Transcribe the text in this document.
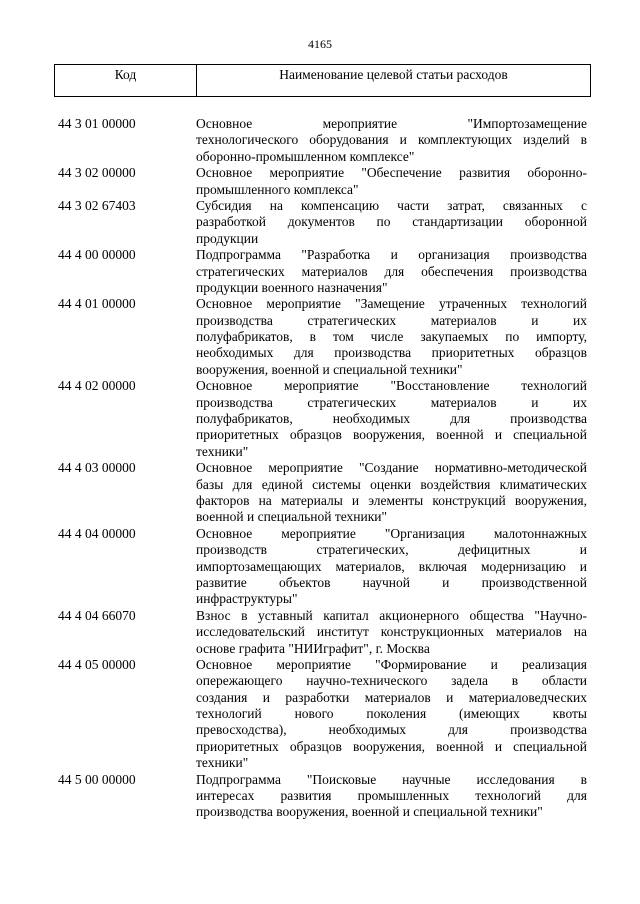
4165
Код	Наименование целевой статьи расходов
44 3 01 00000	Основное мероприятие "Импортозамещение
технологического оборудования и комплектующих изделий в
оборонно-промышленном комплексе"
44 3 02 00000	Основное мероприятие "Обеспечение развития оборонно-
промышленного комплекса"
44 3 02 67403	Субсидия на компенсацию части затрат, связанных с
разработкой документов по стандартизации оборонной
продукции
44 4 00 00000	Подпрограмма "Разработка и организация производства
стратегических материалов для обеспечения производства
продукции военного назначения"
44 4 01 00000	Основное мероприятие "Замещение утраченных технологий
производства стратегических материалов и их
полуфабрикатов, в том числе закупаемых по импорту,
необходимых для производства приоритетных образцов
вооружения, военной и специальной техники"
44 4 02 00000	Основное мероприятие "Восстановление технологий
производства стратегических материалов и их
полуфабрикатов, необходимых для производства
приоритетных образцов вооружения, военной и специальной
техники"
44 4 03 00000	Основное мероприятие "Создание нормативно-методической
базы для единой системы оценки воздействия климатических
факторов на материалы и элементы конструкций вооружения,
военной и специальной техники"
44 4 04 00000	Основное мероприятие "Организация малотоннажных
производств стратегических, дефицитных и
импортозамещающих материалов, включая модернизацию и
развитие объектов научной и производственной
инфраструктуры"
44 4 04 66070	Взнос в уставный капитал акционерного общества "Научно-
исследовательский институт конструкционных материалов на
основе графита "НИИграфит", г. Москва
44 4 05 00000	Основное мероприятие "Формирование и реализация
опережающего научно-технического задела в области
создания и разработки материалов и материаловедческих
технологий нового поколения (имеющих квоты
превосходства), необходимых для производства
приоритетных образцов вооружения, военной и специальной
техники"
44 5 00 00000	Подпрограмма "Поисковые научные исследования в
интересах развития промышленных технологий для
производства вооружения, военной и специальной техники"
